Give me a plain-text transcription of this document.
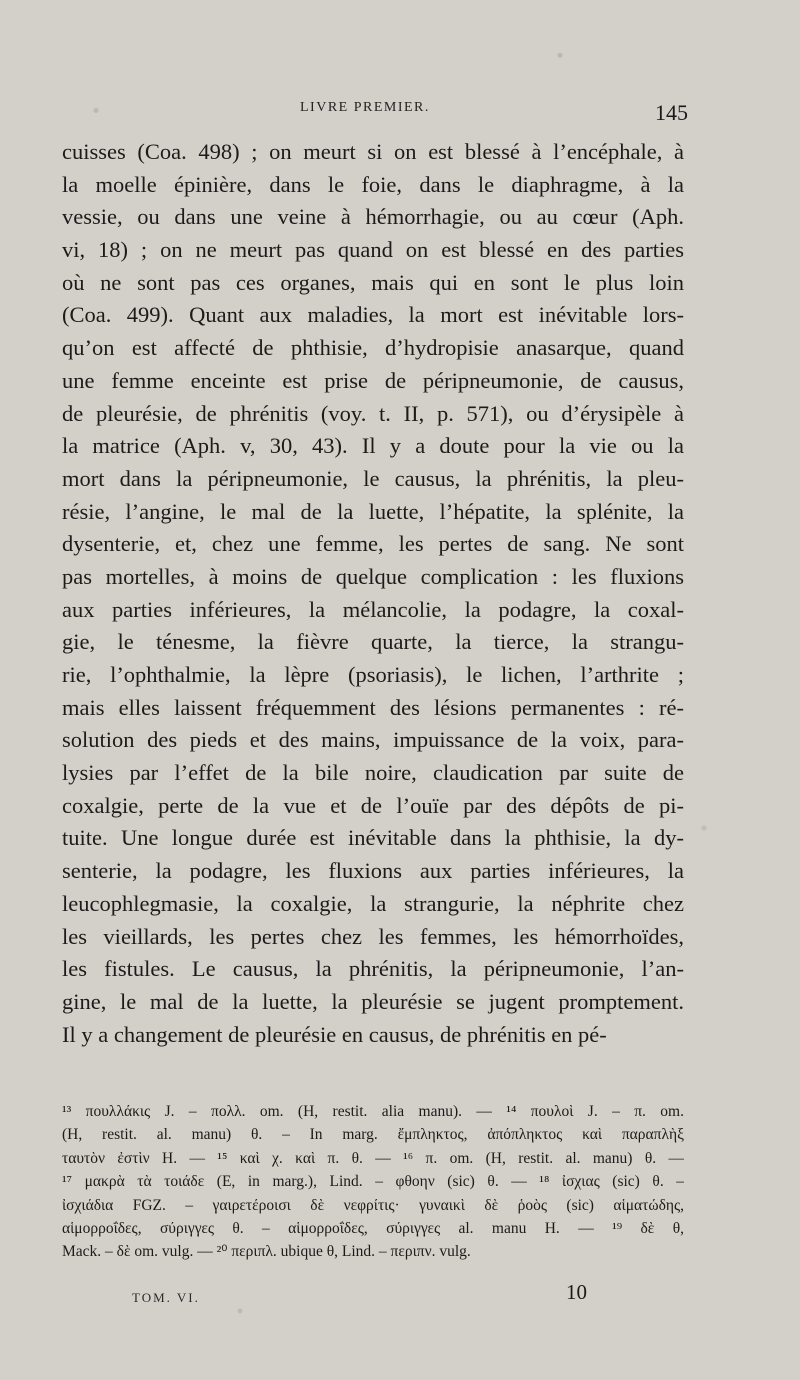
LIVRE PREMIER.	145
cuisses (Coa. 498) ; on meurt si on est blessé à l’encéphale, à
la moelle épinière, dans le foie, dans le diaphragme, à la
vessie, ou dans une veine à hémorrhagie, ou au cœur (Aph.
vi, 18) ; on ne meurt pas quand on est blessé en des parties
où ne sont pas ces organes, mais qui en sont le plus loin
(Coa. 499). Quant aux maladies, la mort est inévitable lors-
qu’on est affecté de phthisie, d’hydropisie anasarque, quand
une femme enceinte est prise de péripneumonie, de causus,
de pleurésie, de phrénitis (voy. t. II, p. 571), ou d’érysipèle à
la matrice (Aph. v, 30, 43). Il y a doute pour la vie ou la
mort dans la péripneumonie, le causus, la phrénitis, la pleu-
résie, l’angine, le mal de la luette, l’hépatite, la splénite, la
dysenterie, et, chez une femme, les pertes de sang. Ne sont
pas mortelles, à moins de quelque complication : les fluxions
aux parties inférieures, la mélancolie, la podagre, la coxal-
gie, le ténesme, la fièvre quarte, la tierce, la strangu-
rie, l’ophthalmie, la lèpre (psoriasis), le lichen, l’arthrite ;
mais elles laissent fréquemment des lésions permanentes : ré-
solution des pieds et des mains, impuissance de la voix, para-
lysies par l’effet de la bile noire, claudication par suite de
coxalgie, perte de la vue et de l’ouïe par des dépôts de pi-
tuite. Une longue durée est inévitable dans la phthisie, la dy-
senterie, la podagre, les fluxions aux parties inférieures, la
leucophlegmasie, la coxalgie, la strangurie, la néphrite chez
les vieillards, les pertes chez les femmes, les hémorrhoïdes,
les fistules. Le causus, la phrénitis, la péripneumonie, l’an-
gine, le mal de la luette, la pleurésie se jugent promptement.
Il y a changement de pleurésie en causus, de phrénitis en pé-
¹³ πουλλάκις J. – πολλ. om. (H, restit. alia manu). — ¹⁴ πουλοὶ J. – π. om.
(H, restit. al. manu) θ. – In marg. ἔμπληκτος, ἀπόπληκτος καὶ παραπλὴξ
ταυτὸν ἐστὶν H. — ¹⁵ καὶ χ. καὶ π. θ. — ¹⁶ π. om. (H, restit. al. manu) θ. —
¹⁷ μακρὰ τὰ τοιάδε (E, in marg.), Lind. – φθοην (sic) θ. — ¹⁸ ἰσχιας (sic) θ. –
ἰσχιάδια FGZ. – γαιρετέροισι δὲ νεφρίτις· γυναικὶ δὲ ῥοὸς (sic) αἱματώδης,
αἱμορροΐδες, σύριγγες θ. – αἱμορροΐδες, σύριγγες al. manu H. — ¹⁹ δὲ θ,
Mack. – δὲ om. vulg. — ²⁰ περιπλ. ubique θ, Lind. – περιπν. vulg.
TOM. VI.	10
